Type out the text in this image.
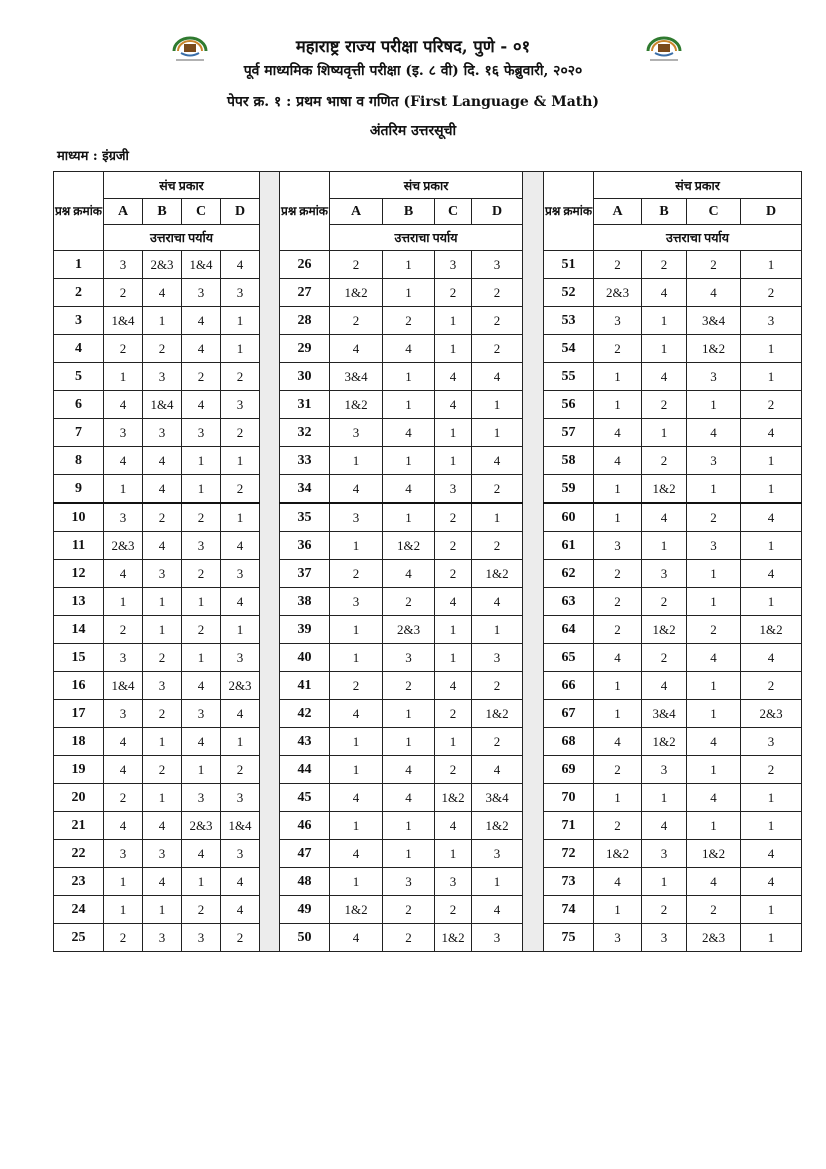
महाराष्ट्र राज्य परीक्षा परिषद, पुणे - ०१
पूर्व माध्यमिक शिष्यवृत्ती परीक्षा (इ. ८ वी) दि. १६ फेब्रुवारी, २०२०
पेपर क्र. १ : प्रथम भाषा व गणित (First Language & Math)
अंतरिम उत्तरसूची
माध्यम : इंग्रजी
प्रश्न क्रमांक	संच प्रकार					प्रश्न क्रमांक	संच प्रकार					प्रश्न क्रमांक	संच प्रकार			
	A	B	C	D			A	B	C	D			A	B	C	D
	उत्तराचा पर्याय						उत्तराचा पर्याय						उत्तराचा पर्याय			
1	3	2&3	1&4	4		26	2	1	3	3		51	2	2	2	1
2	2	4	3	3		27	1&2	1	2	2		52	2&3	4	4	2
3	1&4	1	4	1		28	2	2	1	2		53	3	1	3&4	3
4	2	2	4	1		29	4	4	1	2		54	2	1	1&2	1
5	1	3	2	2		30	3&4	1	4	4		55	1	4	3	1
6	4	1&4	4	3		31	1&2	1	4	1		56	1	2	1	2
7	3	3	3	2		32	3	4	1	1		57	4	1	4	4
8	4	4	1	1		33	1	1	1	4		58	4	2	3	1
9	1	4	1	2		34	4	4	3	2		59	1	1&2	1	1
10	3	2	2	1		35	3	1	2	1		60	1	4	2	4
11	2&3	4	3	4		36	1	1&2	2	2		61	3	1	3	1
12	4	3	2	3		37	2	4	2	1&2		62	2	3	1	4
13	1	1	1	4		38	3	2	4	4		63	2	2	1	1
14	2	1	2	1		39	1	2&3	1	1		64	2	1&2	2	1&2
15	3	2	1	3		40	1	3	1	3		65	4	2	4	4
16	1&4	3	4	2&3		41	2	2	4	2		66	1	4	1	2
17	3	2	3	4		42	4	1	2	1&2		67	1	3&4	1	2&3
18	4	1	4	1		43	1	1	1	2		68	4	1&2	4	3
19	4	2	1	2		44	1	4	2	4		69	2	3	1	2
20	2	1	3	3		45	4	4	1&2	3&4		70	1	1	4	1
21	4	4	2&3	1&4		46	1	1	4	1&2		71	2	4	1	1
22	3	3	4	3		47	4	1	1	3		72	1&2	3	1&2	4
23	1	4	1	4		48	1	3	3	1		73	4	1	4	4
24	1	1	2	4		49	1&2	2	2	4		74	1	2	2	1
25	2	3	3	2		50	4	2	1&2	3		75	3	3	2&3	1
